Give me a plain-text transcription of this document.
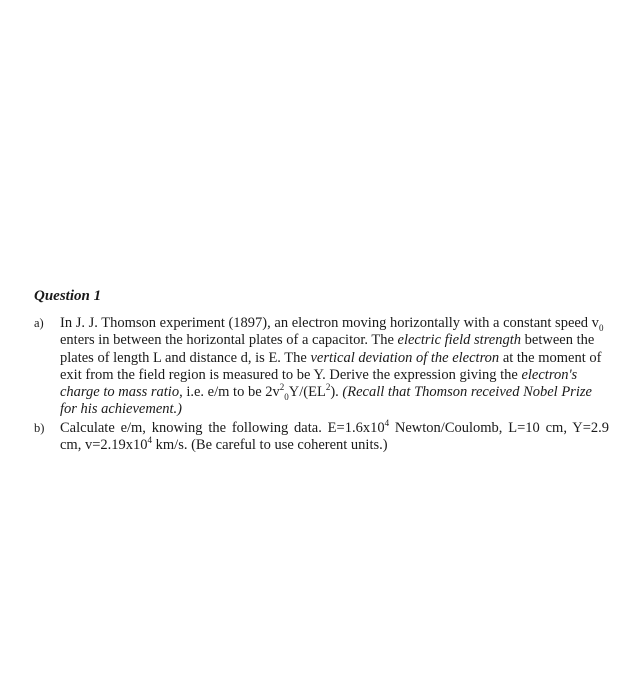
Question 1
a) In J. J. Thomson experiment (1897), an electron moving horizontally with a constant speed $v_0$ enters in between the horizontal plates of a capacitor. The electric field strength between the plates of length L and distance d, is E. The vertical deviation of the electron at the moment of exit from the field region is measured to be Y. Derive the expression giving the electron's charge to mass ratio, i.e. e/m to be $2v^2_0Y/(EL^2)$. (Recall that Thomson received Nobel Prize for his achievement.)
b) Calculate e/m, knowing the following data. $E=1.6x10^4$ Newton/Coulomb, L=10 cm, Y=2.9 cm, $v=2.19x10^4$ km/s. (Be careful to use coherent units.)
